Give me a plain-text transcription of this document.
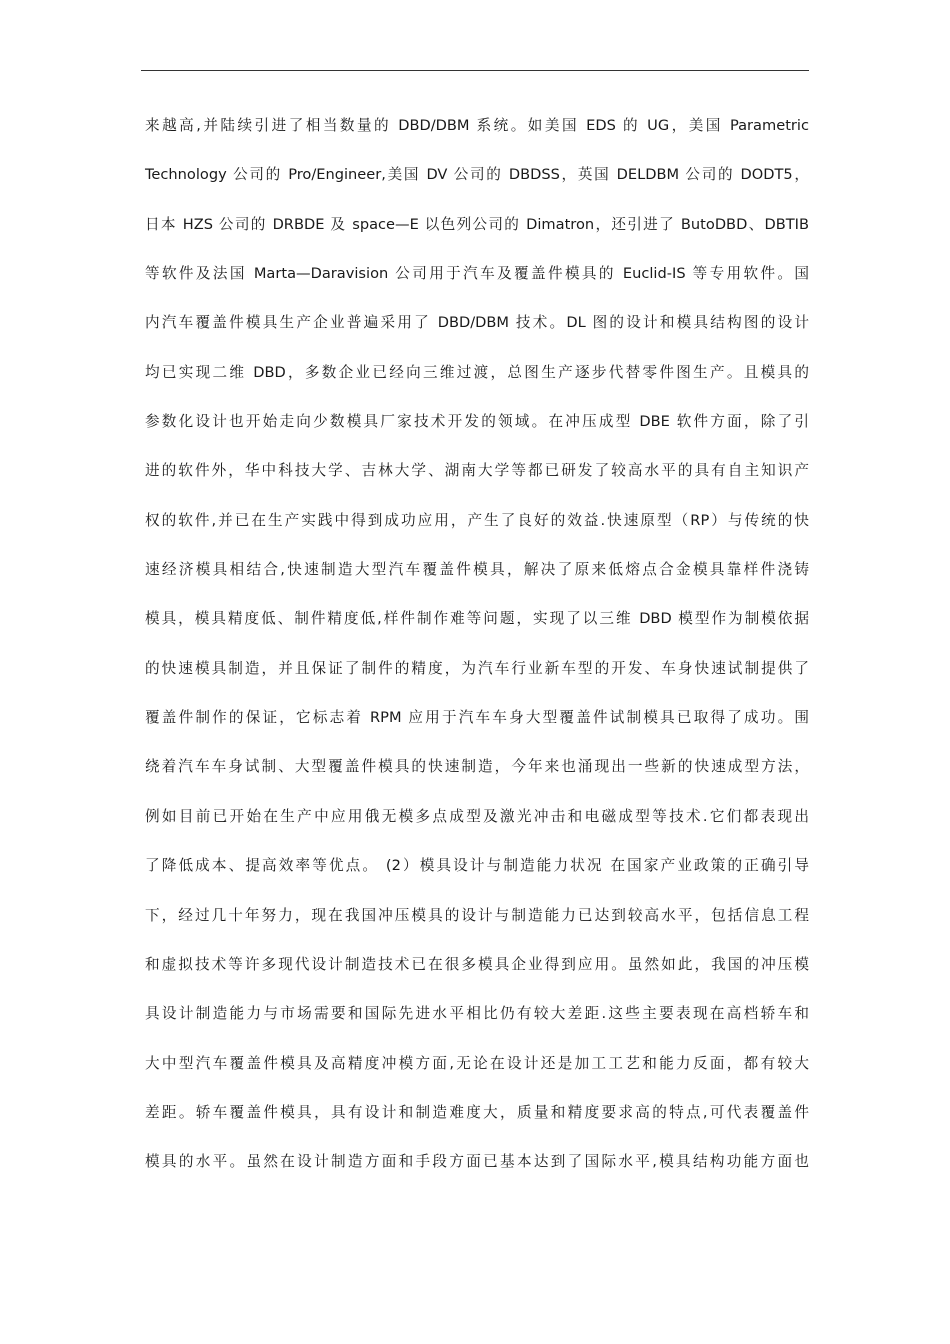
来越高,并陆续引进了相当数量的 DBD/DBM 系统。如美国 EDS 的 UG，美国 Parametric
Technology 公司的 Pro/Engineer,美国 DV 公司的 DBDSS，英国 DELDBM 公司的 DODT5，
日本 HZS 公司的 DRBDE 及 space—E 以色列公司的 Dimatron，还引进了 ButoDBD、DBTIB
等软件及法国 Marta—Daravision 公司用于汽车及覆盖件模具的 Euclid-IS 等专用软件。国
内汽车覆盖件模具生产企业普遍采用了 DBD/DBM 技术。DL 图的设计和模具结构图的设计
均已实现二维 DBD，多数企业已经向三维过渡，总图生产逐步代替零件图生产。且模具的
参数化设计也开始走向少数模具厂家技术开发的领域。在冲压成型 DBE 软件方面，除了引
进的软件外，华中科技大学、吉林大学、湖南大学等都已研发了较高水平的具有自主知识产
权的软件,并已在生产实践中得到成功应用，产生了良好的效益.快速原型（RP）与传统的快
速经济模具相结合,快速制造大型汽车覆盖件模具，解决了原来低熔点合金模具靠样件浇铸
模具，模具精度低、制件精度低,样件制作难等问题，实现了以三维 DBD 模型作为制模依据
的快速模具制造，并且保证了制件的精度，为汽车行业新车型的开发、车身快速试制提供了
覆盖件制作的保证，它标志着 RPM 应用于汽车车身大型覆盖件试制模具已取得了成功。围
绕着汽车车身试制、大型覆盖件模具的快速制造，今年来也涌现出一些新的快速成型方法，
例如目前已开始在生产中应用俄无模多点成型及激光冲击和电磁成型等技术.它们都表现出
了降低成本、提高效率等优点。 (2）模具设计与制造能力状况 在国家产业政策的正确引导
下，经过几十年努力，现在我国冲压模具的设计与制造能力已达到较高水平，包括信息工程
和虚拟技术等许多现代设计制造技术已在很多模具企业得到应用。虽然如此，我国的冲压模
具设计制造能力与市场需要和国际先进水平相比仍有较大差距.这些主要表现在高档轿车和
大中型汽车覆盖件模具及高精度冲模方面,无论在设计还是加工工艺和能力反面，都有较大
差距。轿车覆盖件模具，具有设计和制造难度大，质量和精度要求高的特点,可代表覆盖件
模具的水平。虽然在设计制造方面和手段方面已基本达到了国际水平,模具结构功能方面也
